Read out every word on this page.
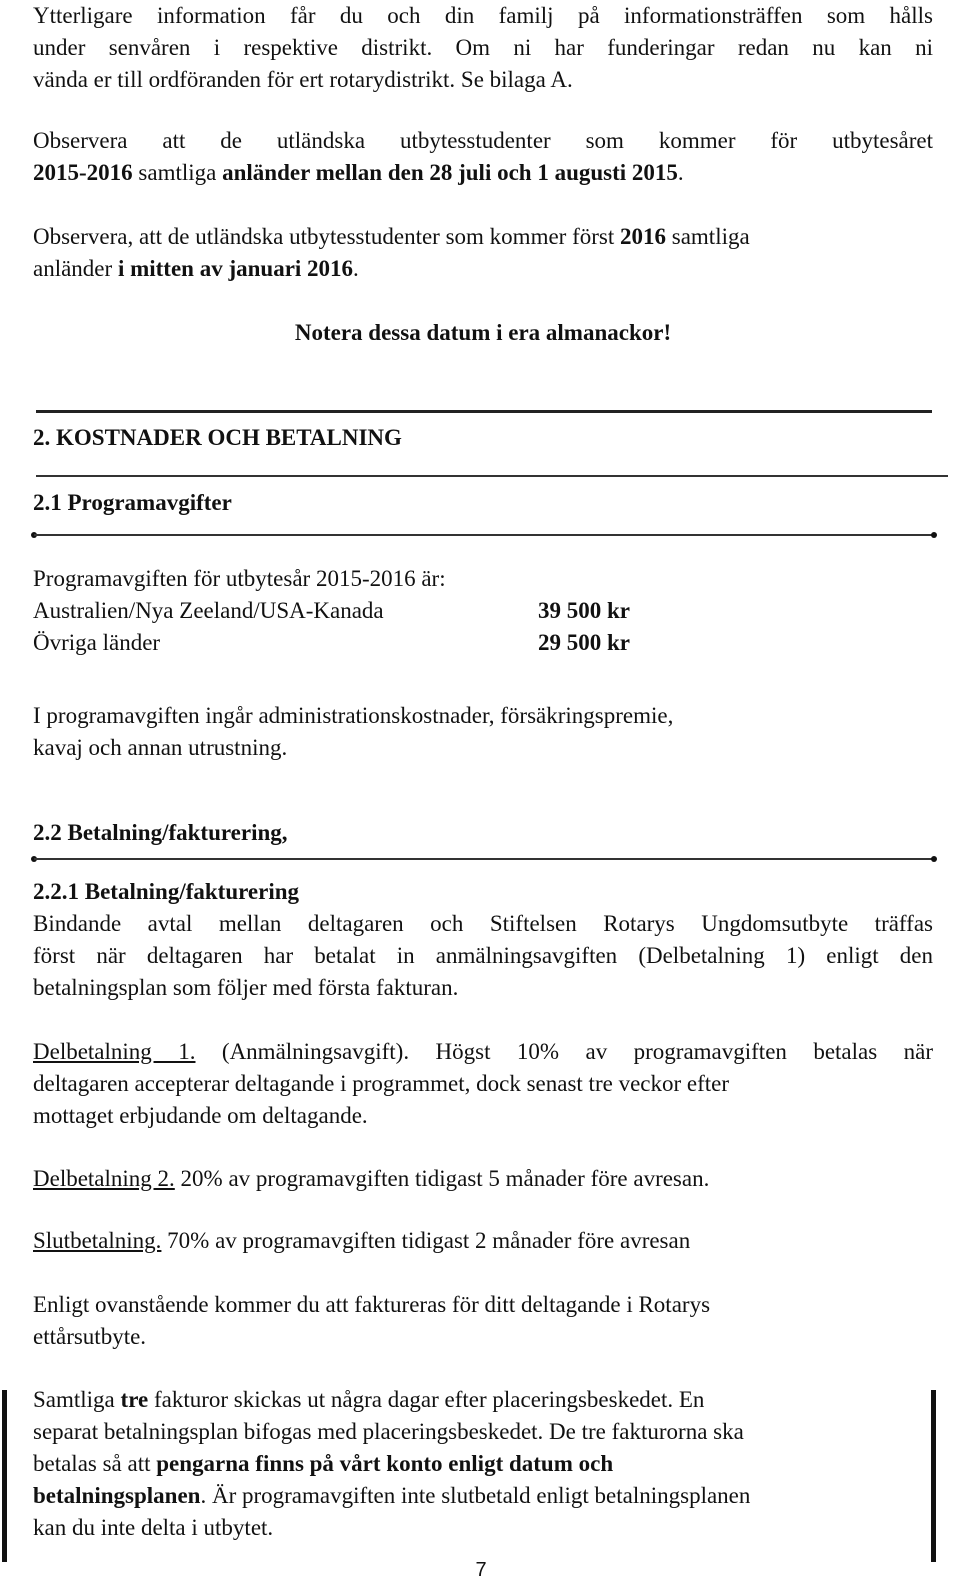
Ytterligare information får du och din familj på informationsträffen som hålls

under senvåren i respektive distrikt. Om ni har funderingar redan nu kan ni

vända er till ordföranden för ert rotarydistrikt. Se bilaga A.

Observera att de utländska utbytesstudenter som kommer för utbytesåret

2015-2016 samtliga anländer mellan den 28 juli och 1 augusti 2015.

Observera, att de utländska utbytesstudenter som kommer först 2016 samtliga

anländer i mitten av januari 2016.

Notera dessa datum i era almanackor!
2. KOSTNADER OCH BETALNING
2.1 Programavgifter

Programavgiften för utbytesår 2015-2016 är:

Australien/Nya Zeeland/USA-Kanada	39 500 kr
Övriga länder	29 500 kr

I programavgiften ingår administrationskostnader, försäkringspremie,

kavaj och annan utrustning.

2.2 Betalning/fakturering,
2.2.1 Betalning/fakturering

Bindande avtal mellan deltagaren och Stiftelsen Rotarys Ungdomsutbyte träffas

först när deltagaren har betalat in anmälningsavgiften (Delbetalning 1) enligt den

betalningsplan som följer med första fakturan.

Delbetalning 1. (Anmälningsavgift). Högst 10% av programavgiften betalas när

deltagaren accepterar deltagande i programmet, dock senast tre veckor efter

mottaget erbjudande om deltagande.

Delbetalning 2. 20% av programavgiften tidigast 5 månader före avresan.

Slutbetalning. 70% av programavgiften tidigast 2 månader före avresan

Enligt ovanstående kommer du att faktureras för ditt deltagande i Rotarys

ettårsutbyte.

Samtliga tre fakturor skickas ut några dagar efter placeringsbeskedet. En

separat betalningsplan bifogas med placeringsbeskedet. De tre fakturorna ska

betalas så att pengarna finns på vårt konto enligt datum och

betalningsplanen. Är programavgiften inte slutbetald enligt betalningsplanen

kan du inte delta i utbytet.

7
